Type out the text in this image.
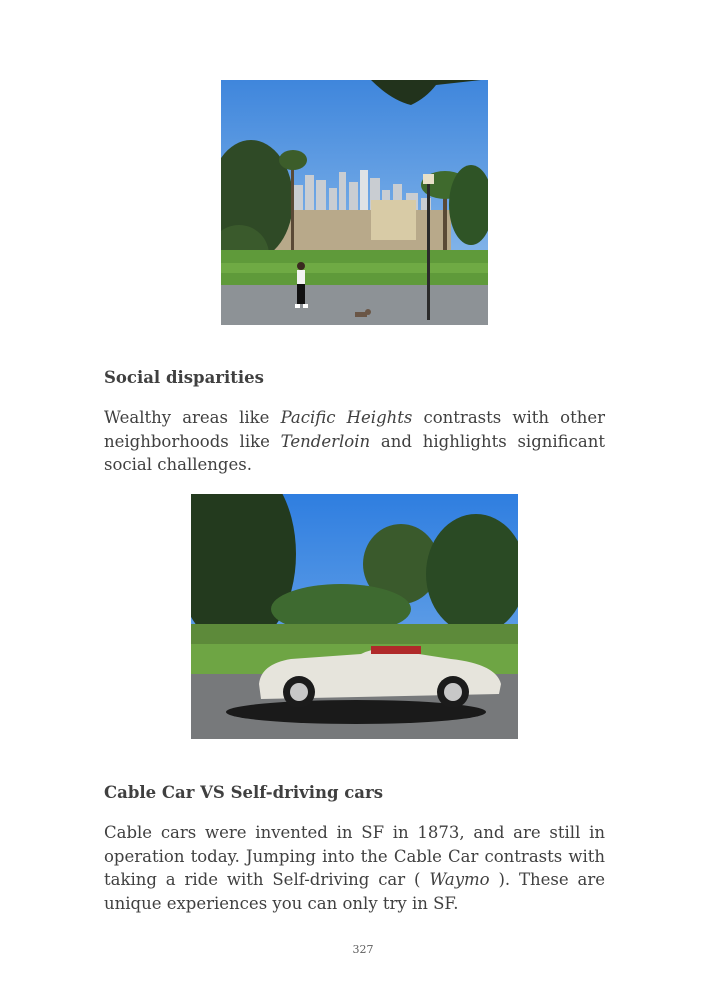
Social disparities

Wealthy areas like Pacific Heights contrasts with other neighborhoods like Tenderloin and highlights significant social challenges.

Cable Car VS Self-driving cars

Cable cars were invented in SF in 1873, and are still in operation today. Jumping into the Cable Car contrasts with taking a ride with Self-driving car ( Waymo ). These are unique experiences you can only try in SF.

327
